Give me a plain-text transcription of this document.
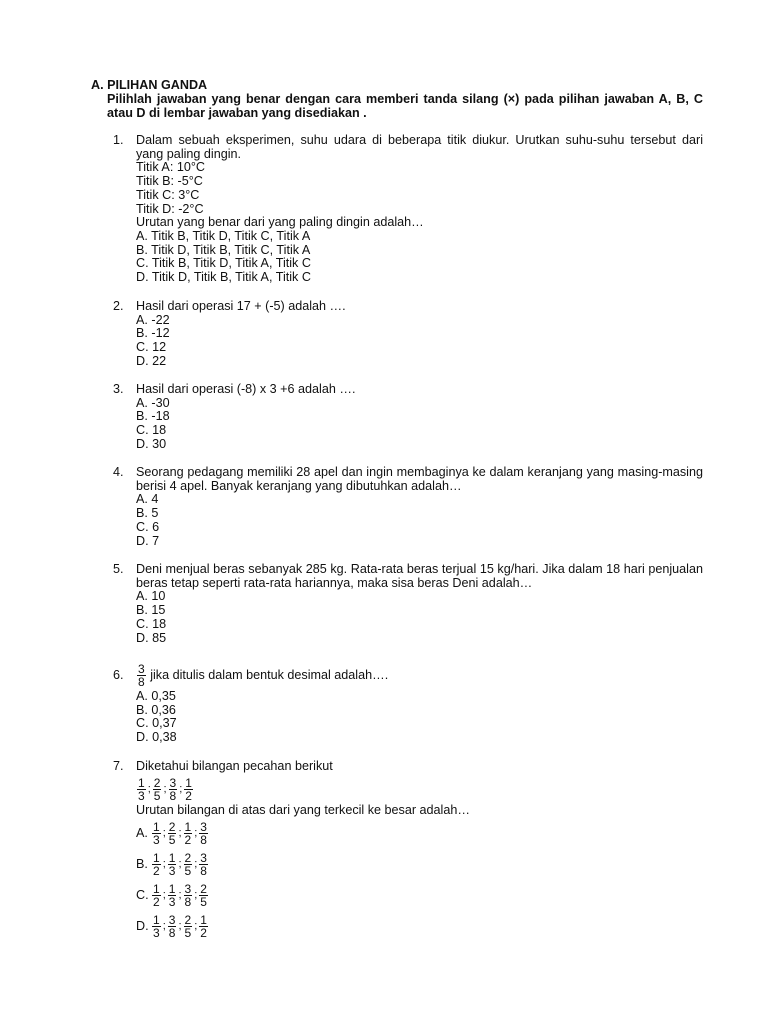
A. PILIHAN GANDA
Pilihlah jawaban yang benar dengan cara memberi tanda silang (×) pada pilihan jawaban A, B, C atau D di lembar jawaban yang disediakan .
1. Dalam sebuah eksperimen, suhu udara di beberapa titik diukur. Urutkan suhu-suhu tersebut dari yang paling dingin.
Titik A: 10°C
Titik B: -5°C
Titik C: 3°C
Titik D: -2°C
Urutan yang benar dari yang paling dingin adalah…
A. Titik B, Titik D, Titik C, Titik A
B. Titik D, Titik B, Titik C, Titik A
C. Titik B, Titik D, Titik A, Titik C
D. Titik D, Titik B, Titik A, Titik C
2. Hasil dari operasi 17 + (-5) adalah ….
A. -22
B. -12
C. 12
D. 22
3. Hasil dari operasi (-8) x 3 +6 adalah ….
A. -30
B. -18
C. 18
D. 30
4. Seorang pedagang memiliki 28 apel dan ingin membaginya ke dalam keranjang yang masing-masing berisi 4 apel. Banyak keranjang yang dibutuhkan adalah…
A. 4
B. 5
C. 6
D. 7
5. Deni menjual beras sebanyak 285 kg. Rata-rata beras terjual 15 kg/hari. Jika dalam 18 hari penjualan beras tetap seperti rata-rata hariannya, maka sisa beras Deni adalah…
A. 10
B. 15
C. 18
D. 85
6. $\frac{3}{8}$ jika ditulis dalam bentuk desimal adalah….
A. 0,35
B. 0,36
C. 0,37
D. 0,38
7. Diketahui bilangan pecahan berikut
$\frac{1}{3}$ ; $\frac{2}{5}$ ; $\frac{3}{8}$ ; $\frac{1}{2}$
Urutan bilangan di atas dari yang terkecil ke besar adalah…
A. $\frac{1}{3}$ ; $\frac{2}{5}$ ; $\frac{1}{2}$ ; $\frac{3}{8}$
B. $\frac{1}{2}$ ; $\frac{1}{3}$ ; $\frac{2}{5}$ ; $\frac{3}{8}$
C. $\frac{1}{2}$ ; $\frac{1}{3}$ ; $\frac{3}{8}$ ; $\frac{2}{5}$
D. $\frac{1}{3}$ ; $\frac{3}{8}$ ; $\frac{2}{5}$ ; $\frac{1}{2}$
